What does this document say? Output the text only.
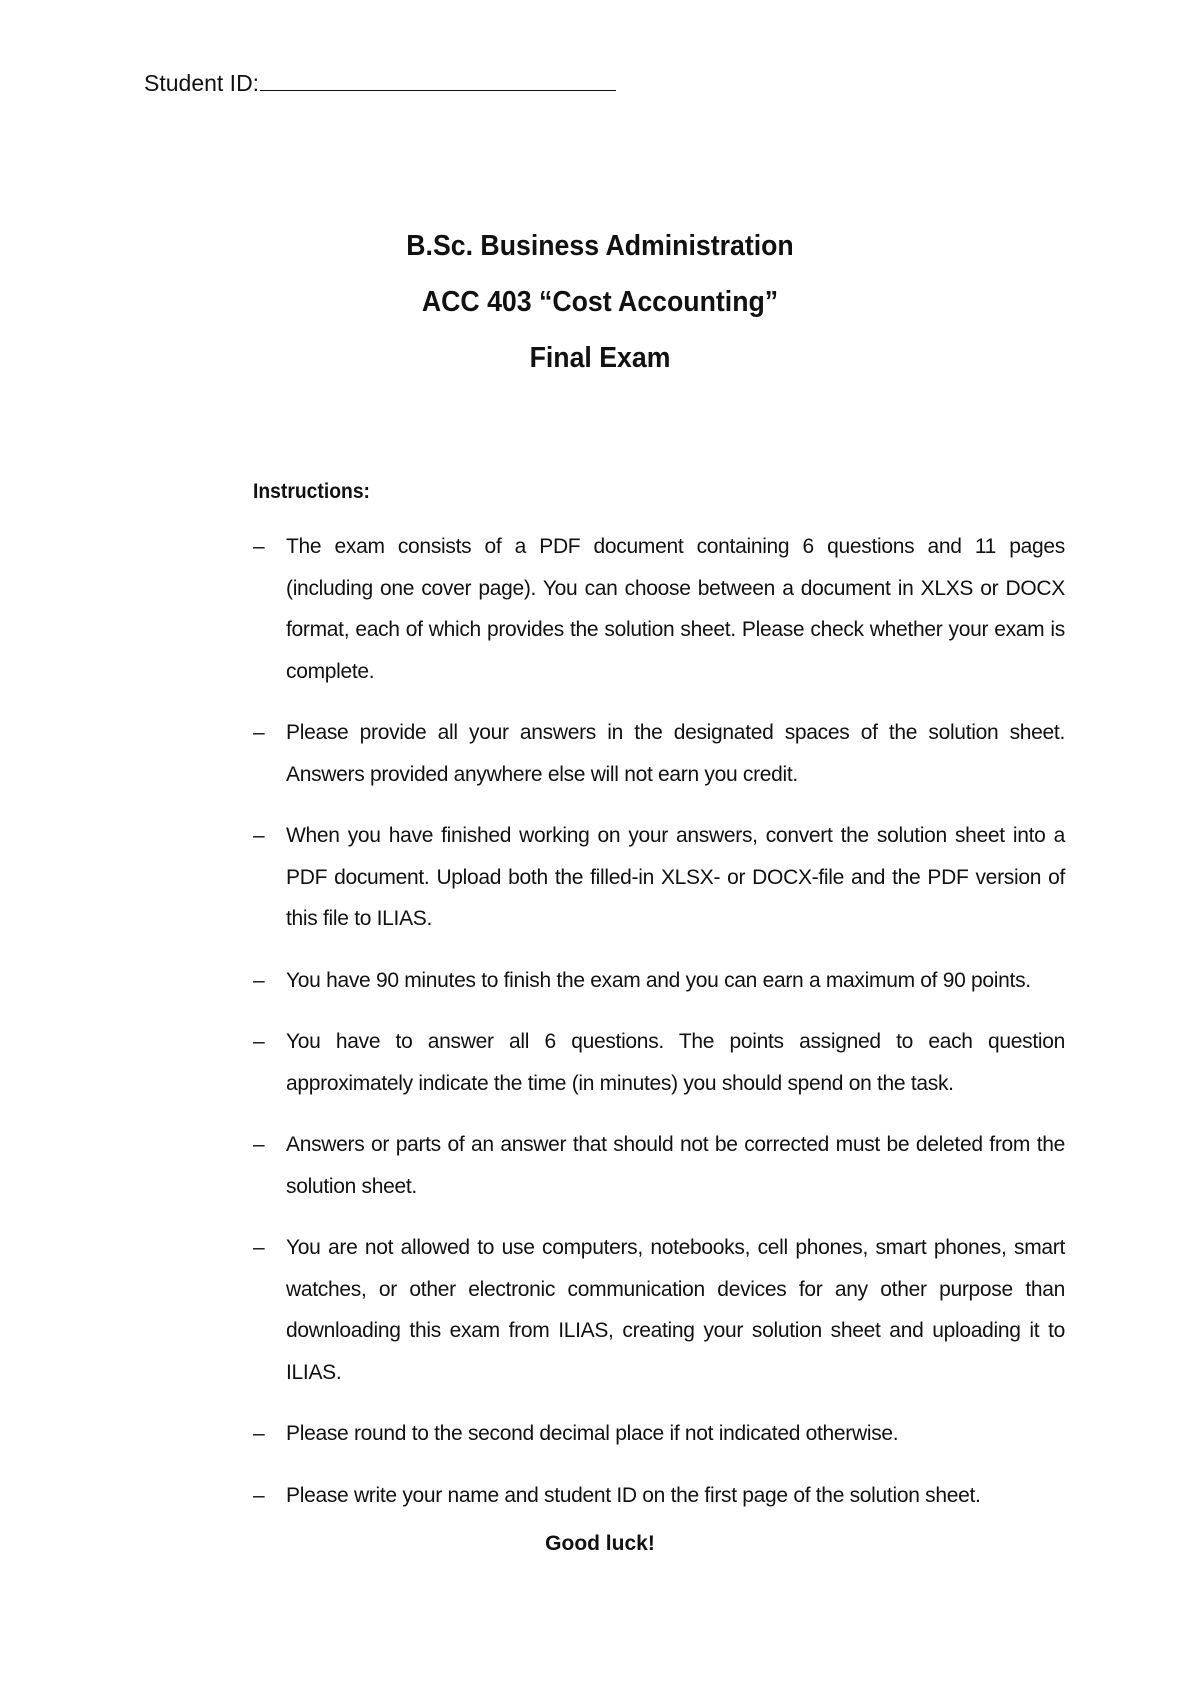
Student ID:
B.Sc. Business Administration
ACC 403 “Cost Accounting”
Final Exam
Instructions:
– The exam consists of a PDF document containing 6 questions and 11 pages (including one cover page). You can choose between a document in XLXS or DOCX format, each of which provides the solution sheet. Please check whether your exam is complete.
– Please provide all your answers in the designated spaces of the solution sheet. Answers provided anywhere else will not earn you credit.
– When you have finished working on your answers, convert the solution sheet into a PDF document. Upload both the filled-in XLSX- or DOCX-file and the PDF version of this file to ILIAS.
– You have 90 minutes to finish the exam and you can earn a maximum of 90 points.
– You have to answer all 6 questions. The points assigned to each question approximately indicate the time (in minutes) you should spend on the task.
– Answers or parts of an answer that should not be corrected must be deleted from the solution sheet.
– You are not allowed to use computers, notebooks, cell phones, smart phones, smart watches, or other electronic communication devices for any other purpose than downloading this exam from ILIAS, creating your solution sheet and uploading it to ILIAS.
– Please round to the second decimal place if not indicated otherwise.
– Please write your name and student ID on the first page of the solution sheet.
Good luck!
